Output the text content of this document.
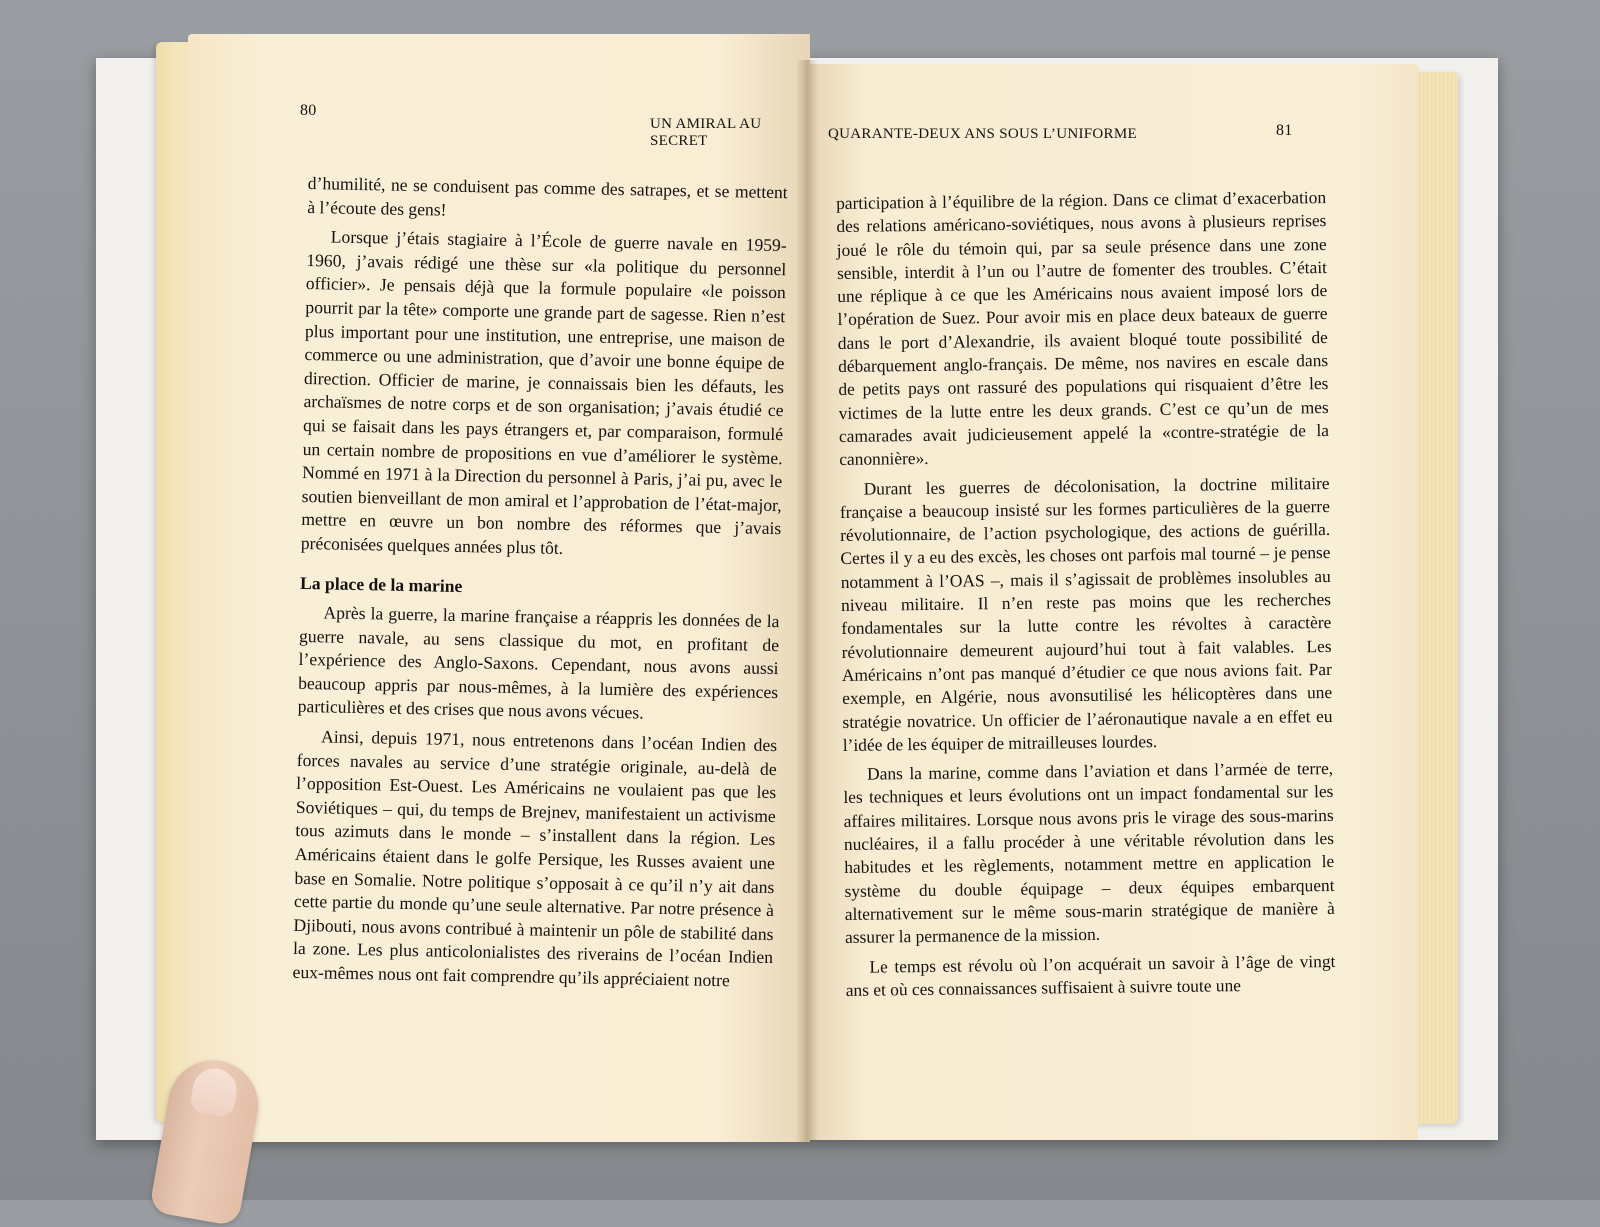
80
UN AMIRAL AU SECRET

d’humilité, ne se conduisent pas comme des satrapes, et se mettent à l’écoute des gens!

Lorsque j’étais stagiaire à l’École de guerre navale en 1959-1960, j’avais rédigé une thèse sur «la politique du personnel officier». Je pensais déjà que la formule populaire «le poisson pourrit par la tête» comporte une grande part de sagesse. Rien n’est plus important pour une institution, une entreprise, une maison de commerce ou une administration, que d’avoir une bonne équipe de direction. Officier de marine, je connaissais bien les défauts, les archaïsmes de notre corps et de son organisation; j’avais étudié ce qui se faisait dans les pays étrangers et, par comparaison, formulé un certain nombre de propositions en vue d’améliorer le système. Nommé en 1971 à la Direction du personnel à Paris, j’ai pu, avec le soutien bienveillant de mon amiral et l’approbation de l’état-major, mettre en œuvre un bon nombre des réformes que j’avais préconisées quelques années plus tôt.

La place de la marine

Après la guerre, la marine française a réappris les données de la guerre navale, au sens classique du mot, en profitant de l’expérience des Anglo-Saxons. Cependant, nous avons aussi beaucoup appris par nous-mêmes, à la lumière des expériences particulières et des crises que nous avons vécues.

Ainsi, depuis 1971, nous entretenons dans l’océan Indien des forces navales au service d’une stratégie originale, au-delà de l’opposition Est-Ouest. Les Américains ne voulaient pas que les Soviétiques – qui, du temps de Brejnev, manifestaient un activisme tous azimuts dans le monde – s’installent dans la région. Les Américains étaient dans le golfe Persique, les Russes avaient une base en Somalie. Notre politique s’opposait à ce qu’il n’y ait dans cette partie du monde qu’une seule alternative. Par notre présence à Djibouti, nous avons contribué à maintenir un pôle de stabilité dans la zone. Les plus anticolonialistes des riverains de l’océan Indien eux-mêmes nous ont fait comprendre qu’ils appréciaient notre

QUARANTE-DEUX ANS SOUS L’UNIFORME	81

participation à l’équilibre de la région. Dans ce climat d’exacerbation des relations américano-soviétiques, nous avons à plusieurs reprises joué le rôle du témoin qui, par sa seule présence dans une zone sensible, interdit à l’un ou l’autre de fomenter des troubles. C’était une réplique à ce que les Américains nous avaient imposé lors de l’opération de Suez. Pour avoir mis en place deux bateaux de guerre dans le port d’Alexandrie, ils avaient bloqué toute possibilité de débarquement anglo-français. De même, nos navires en escale dans de petits pays ont rassuré des populations qui risquaient d’être les victimes de la lutte entre les deux grands. C’est ce qu’un de mes camarades avait judicieusement appelé la «contre-stratégie de la canonnière».

Durant les guerres de décolonisation, la doctrine militaire française a beaucoup insisté sur les formes particulières de la guerre révolutionnaire, de l’action psychologique, des actions de guérilla. Certes il y a eu des excès, les choses ont parfois mal tourné – je pense notamment à l’OAS –, mais il s’agissait de problèmes insolubles au niveau militaire. Il n’en reste pas moins que les recherches fondamentales sur la lutte contre les révoltes à caractère révolutionnaire demeurent aujourd’hui tout à fait valables. Les Américains n’ont pas manqué d’étudier ce que nous avions fait. Par exemple, en Algérie, nous avonsutilisé les hélicoptères dans une stratégie novatrice. Un officier de l’aéronautique navale a en effet eu l’idée de les équiper de mitrailleuses lourdes.

Dans la marine, comme dans l’aviation et dans l’armée de terre, les techniques et leurs évolutions ont un impact fondamental sur les affaires militaires. Lorsque nous avons pris le virage des sous-marins nucléaires, il a fallu procéder à une véritable révolution dans les habitudes et les règlements, notamment mettre en application le système du double équipage – deux équipes embarquent alternativement sur le même sous-marin stratégique de manière à assurer la permanence de la mission.

Le temps est révolu où l’on acquérait un savoir à l’âge de vingt ans et où ces connaissances suffisaient à suivre toute une
